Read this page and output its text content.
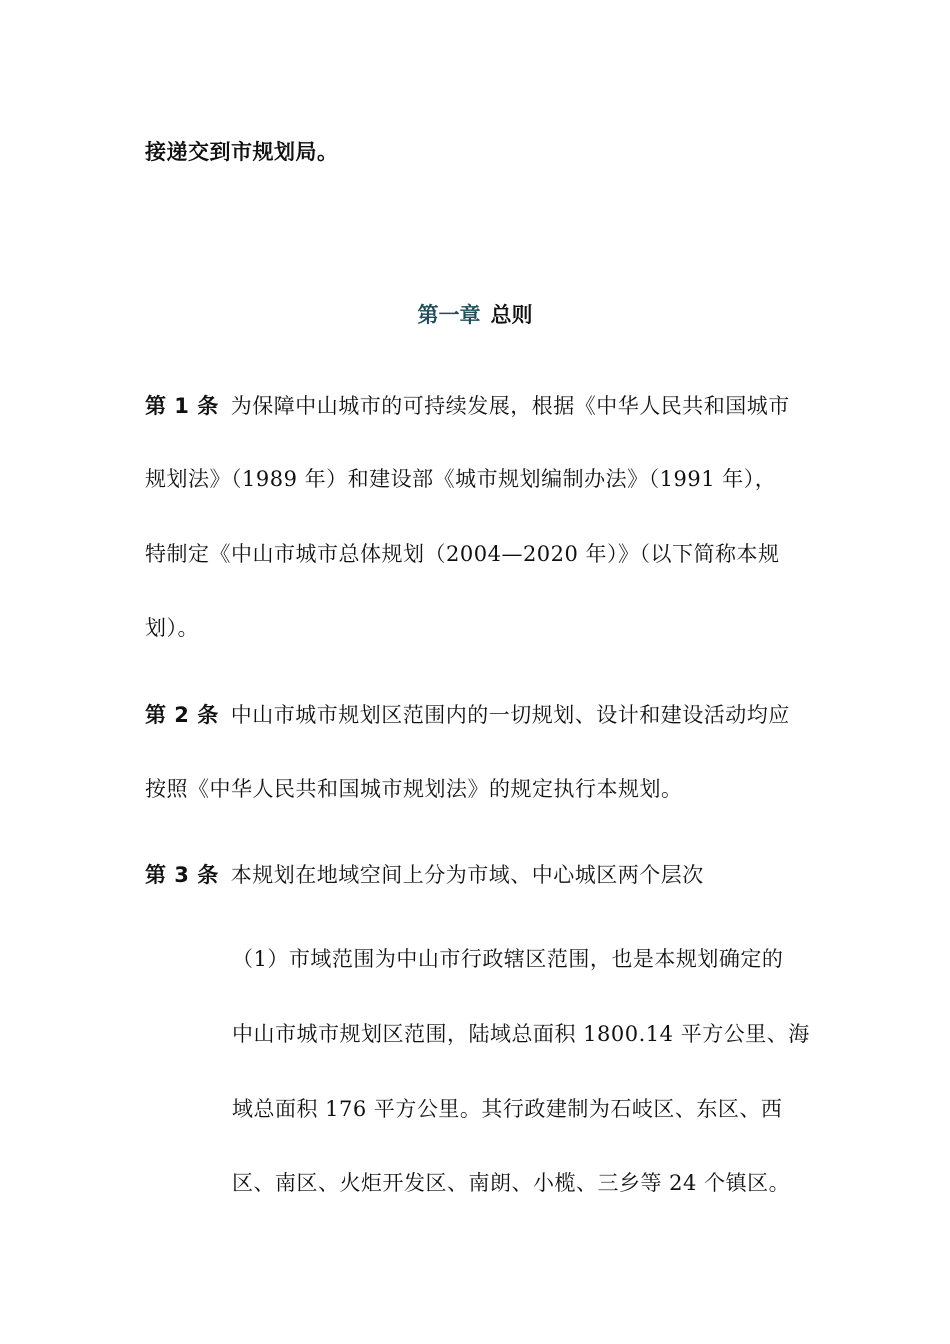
接递交到市规划局。
第一章 总则
第 1 条 为保障中山城市的可持续发展，根据《中华人民共和国城市
规划法》（1989 年）和建设部《城市规划编制办法》（1991 年），
特制定《中山市城市总体规划（2004—2020 年）》（以下简称本规
划）。
第 2 条 中山市城市规划区范围内的一切规划、设计和建设活动均应
按照《中华人民共和国城市规划法》的规定执行本规划。
第 3 条 本规划在地域空间上分为市域、中心城区两个层次
（1）市域范围为中山市行政辖区范围，也是本规划确定的
中山市城市规划区范围，陆域总面积 1800.14 平方公里、海
域总面积 176 平方公里。其行政建制为石岐区、东区、西
区、南区、火炬开发区、南朗、小榄、三乡等 24 个镇区。
